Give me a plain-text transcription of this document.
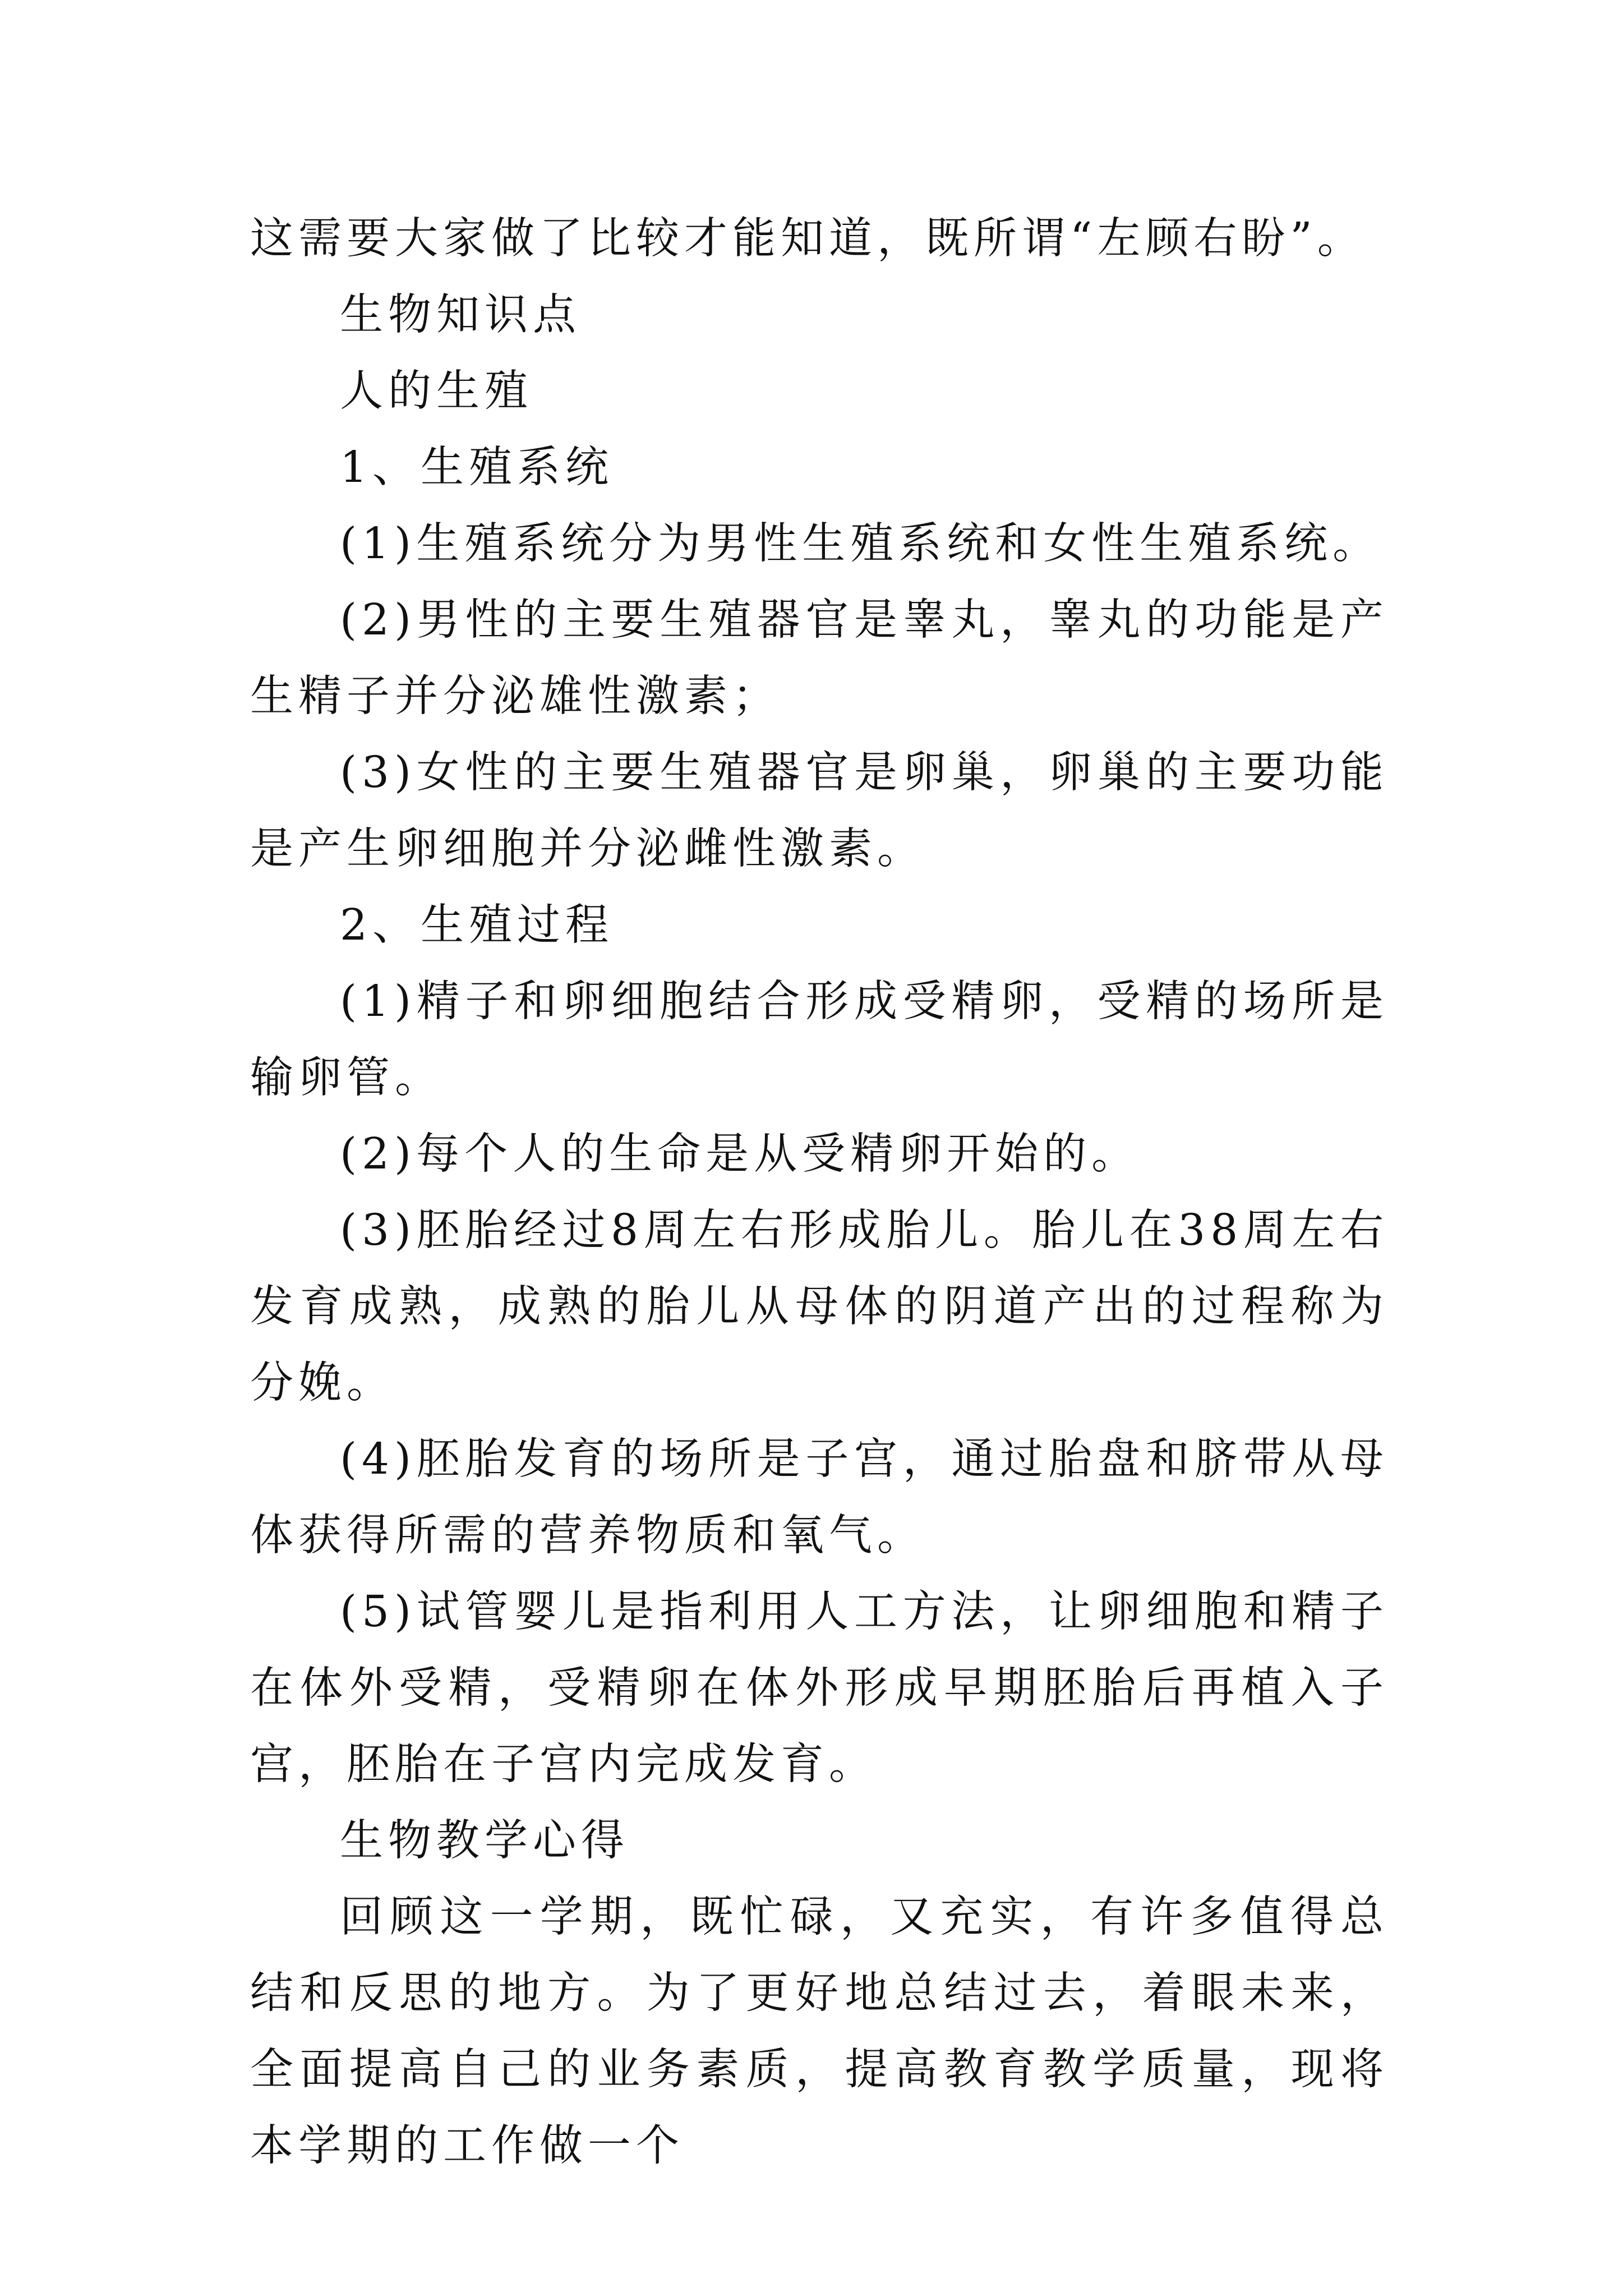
这需要大家做了比较才能知道，既所谓“左顾右盼”。

生物知识点

人的生殖

1、生殖系统

(1)生殖系统分为男性生殖系统和女性生殖系统。

(2)男性的主要生殖器官是睾丸，睾丸的功能是产生精子并分泌雄性激素；

(3)女性的主要生殖器官是卵巢，卵巢的主要功能是产生卵细胞并分泌雌性激素。

2、生殖过程

(1)精子和卵细胞结合形成受精卵，受精的场所是输卵管。

(2)每个人的生命是从受精卵开始的。

(3)胚胎经过8周左右形成胎儿。胎儿在38周左右发育成熟，成熟的胎儿从母体的阴道产出的过程称为分娩。

(4)胚胎发育的场所是子宫，通过胎盘和脐带从母体获得所需的营养物质和氧气。

(5)试管婴儿是指利用人工方法，让卵细胞和精子在体外受精，受精卵在体外形成早期胚胎后再植入子宫，胚胎在子宫内完成发育。

生物教学心得

回顾这一学期，既忙碌，又充实，有许多值得总结和反思的地方。为了更好地总结过去，着眼未来，全面提高自己的业务素质，提高教育教学质量，现将本学期的工作做一个
